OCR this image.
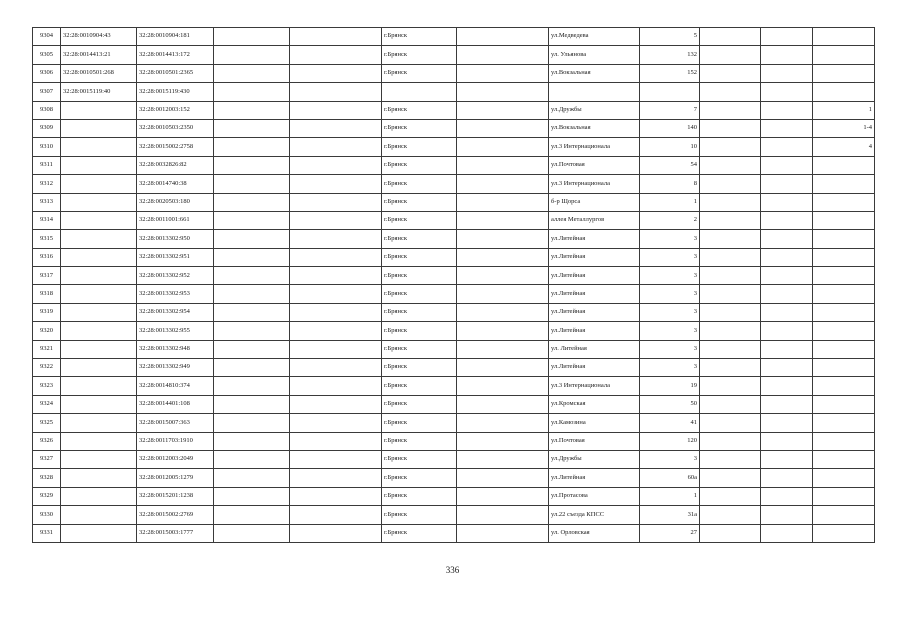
9304	32:28:0010904:43	32:28:0010904:181			г.Брянск		ул.Медведева	5			
9305	32:28:0014413:21	32:28:0014413:172			г.Брянск		ул. Ульянова	132			
9306	32:28:0010501:268	32:28:0010501:2365			г.Брянск		ул.Вокзальная	152			
9307	32:28:0015119:40	32:28:0015119:430									
9308		32:28:0012003:152			г.Брянск		ул.Дружбы	7			1
9309		32:28:0010503:2350			г.Брянск		ул.Вокзальная	140			1-4
9310		32:28:0015002:2758			г.Брянск		ул.3 Интернационала	10			4
9311		32:28:0032826:82			г.Брянск		ул.Почтовая	54			
9312		32:28:0014740:38			г.Брянск		ул.3 Интернационала	8			
9313		32:28:0020503:180			г.Брянск		б-р Щорса	1			
9314		32:28:0011001:661			г.Брянск		аллея Металлургов	2			
9315		32:28:0013302:950			г.Брянск		ул.Литейная	3			
9316		32:28:0013302:951			г.Брянск		ул.Литейная	3			
9317		32:28:0013302:952			г.Брянск		ул.Литейная	3			
9318		32:28:0013302:953			г.Брянск		ул.Литейная	3			
9319		32:28:0013302:954			г.Брянск		ул.Литейная	3			
9320		32:28:0013302:955			г.Брянск		ул.Литейная	3			
9321		32:28:0013302:948			г.Брянск		ул. Литейная	3			
9322		32:28:0013302:949			г.Брянск		ул.Литейная	3			
9323		32:28:0014810:374			г.Брянск		ул.3 Интернационала	19			
9324		32:28:0014401:108			г.Брянск		ул.Кромская	50			
9325		32:28:0015007:363			г.Брянск		ул.Камозина	41			
9326		32:28:0011703:1910			г.Брянск		ул.Почтовая	120			
9327		32:28:0012003:2049			г.Брянск		ул.Дружбы	3			
9328		32:28:0012005:1279			г.Брянск		ул.Литейная	60а			
9329		32:28:0015201:1238			г.Брянск		ул.Протасова	1			
9330		32:28:0015002:2769			г.Брянск		ул.22 съезда КПСС	31а			
9331		32:28:0015003:1777			г.Брянск		ул. Орловская	27			
336
